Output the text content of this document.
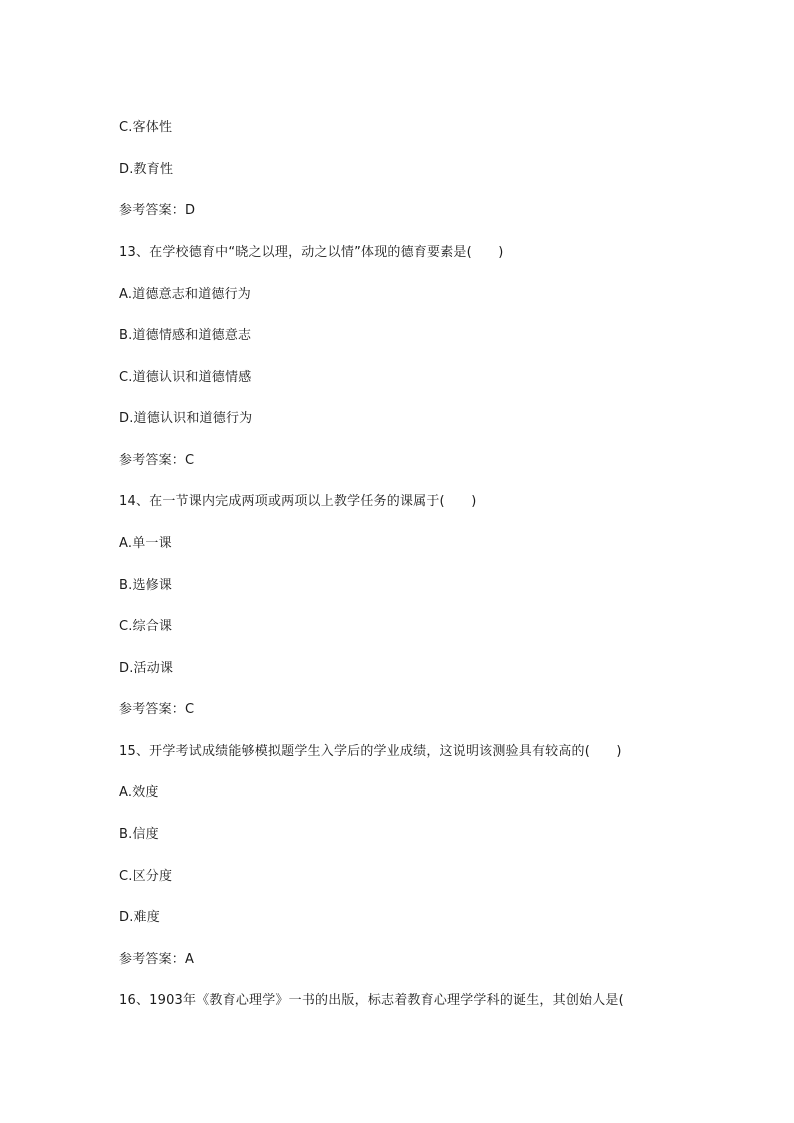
C.客体性
D.教育性
参考答案：D
13、在学校德育中“晓之以理，动之以情”体现的德育要素是(　　)
A.道德意志和道德行为
B.道德情感和道德意志
C.道德认识和道德情感
D.道德认识和道德行为
参考答案：C
14、在一节课内完成两项或两项以上教学任务的课属于(　　)
A.单一课
B.选修课
C.综合课
D.活动课
参考答案：C
15、开学考试成绩能够模拟题学生入学后的学业成绩，这说明该测验具有较高的(　　)
A.效度
B.信度
C.区分度
D.难度
参考答案：A
16、1903年《教育心理学》一书的出版，标志着教育心理学学科的诞生，其创始人是(
